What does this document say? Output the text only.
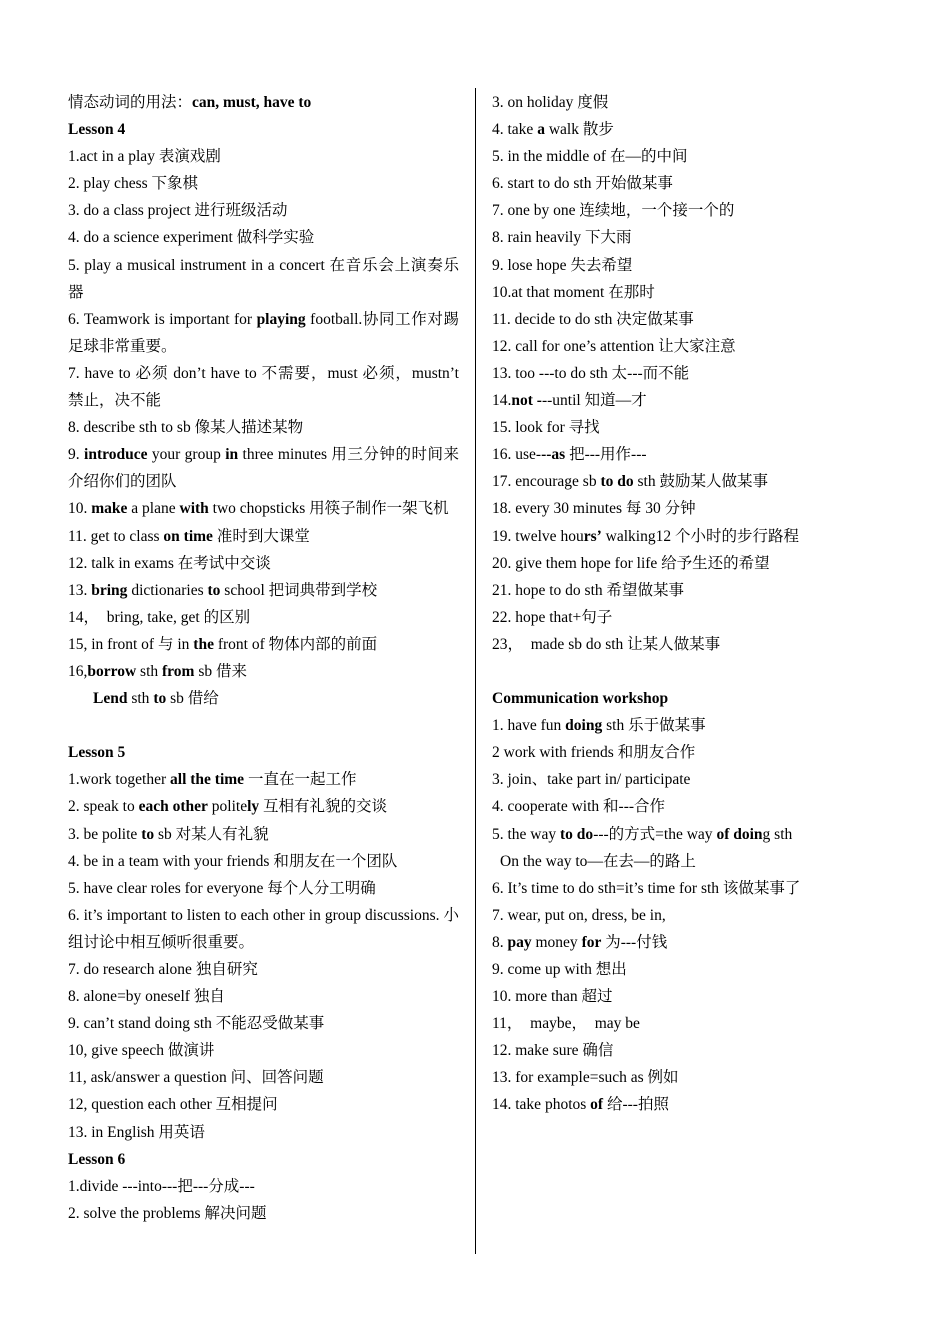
情态动词的用法：can, must, have to
Lesson 4
1.act in a play 表演戏剧
2. play chess 下象棋
3. do a class project 进行班级活动
4. do a science experiment 做科学实验
5. play a musical instrument in a concert 在音乐会上演奏乐器
6. Teamwork is important for playing football.协同工作对踢足球非常重要。
7. have to 必须 don’t have to 不需要，must 必须，mustn’t 禁止，决不能
8. describe sth to sb 像某人描述某物
9. introduce your group in three minutes 用三分钟的时间来介绍你们的团队
10. make a plane with two chopsticks 用筷子制作一架飞机
11. get to class on time 准时到大课堂
12. talk in exams 在考试中交谈
13. bring dictionaries to school 把词典带到学校
14，　bring, take, get 的区别
15, in front of 与 in the front of 物体内部的前面
16,borrow sth from sb 借来
Lend sth to sb 借给
Lesson 5
1.work together all the time 一直在一起工作
2. speak to each other politely 互相有礼貌的交谈
3. be polite to sb 对某人有礼貌
4. be in a team with your friends 和朋友在一个团队
5. have clear roles for everyone 每个人分工明确
6. it’s important to listen to each other in group discussions. 小组讨论中相互倾听很重要。
7. do research alone 独自研究
8. alone=by oneself 独自
9. can’t stand doing sth 不能忍受做某事
10, give speech 做演讲
11, ask/answer a question 问、回答问题
12, question each other 互相提问
13. in English 用英语
Lesson 6
1.divide ---into---把---分成---
2. solve the problems 解决问题
3. on holiday 度假
4. take a walk 散步
5. in the middle of 在—的中间
6. start to do sth 开始做某事
7. one by one 连续地，一个接一个的
8. rain heavily 下大雨
9. lose hope 失去希望
10.at that moment 在那时
11. decide to do sth 决定做某事
12. call for one’s attention 让大家注意
13. too ---to do sth 太---而不能
14.not ---until 知道—才
15. look for 寻找
16. use---as 把---用作---
17. encourage sb to do sth 鼓励某人做某事
18. every 30 minutes 每 30 分钟
19. twelve hours’ walking12 个小时的步行路程
20. give them hope for life 给予生还的希望
21. hope to do sth 希望做某事
22. hope that+句子
23，　made sb do sth 让某人做某事
Communication workshop
1. have fun doing sth 乐于做某事
2 work with friends 和朋友合作
3. join、take part in/ participate
4. cooperate with 和---合作
5. the way to do---的方式=the way of doing sth
On the way to—在去—的路上
6. It’s time to do sth=it’s time for sth 该做某事了
7. wear, put on, dress, be in,
8. pay money for 为---付钱
9. come up with 想出
10. more than 超过
11，　maybe，　may be
12. make sure 确信
13. for example=such as 例如
14. take photos of 给---拍照
